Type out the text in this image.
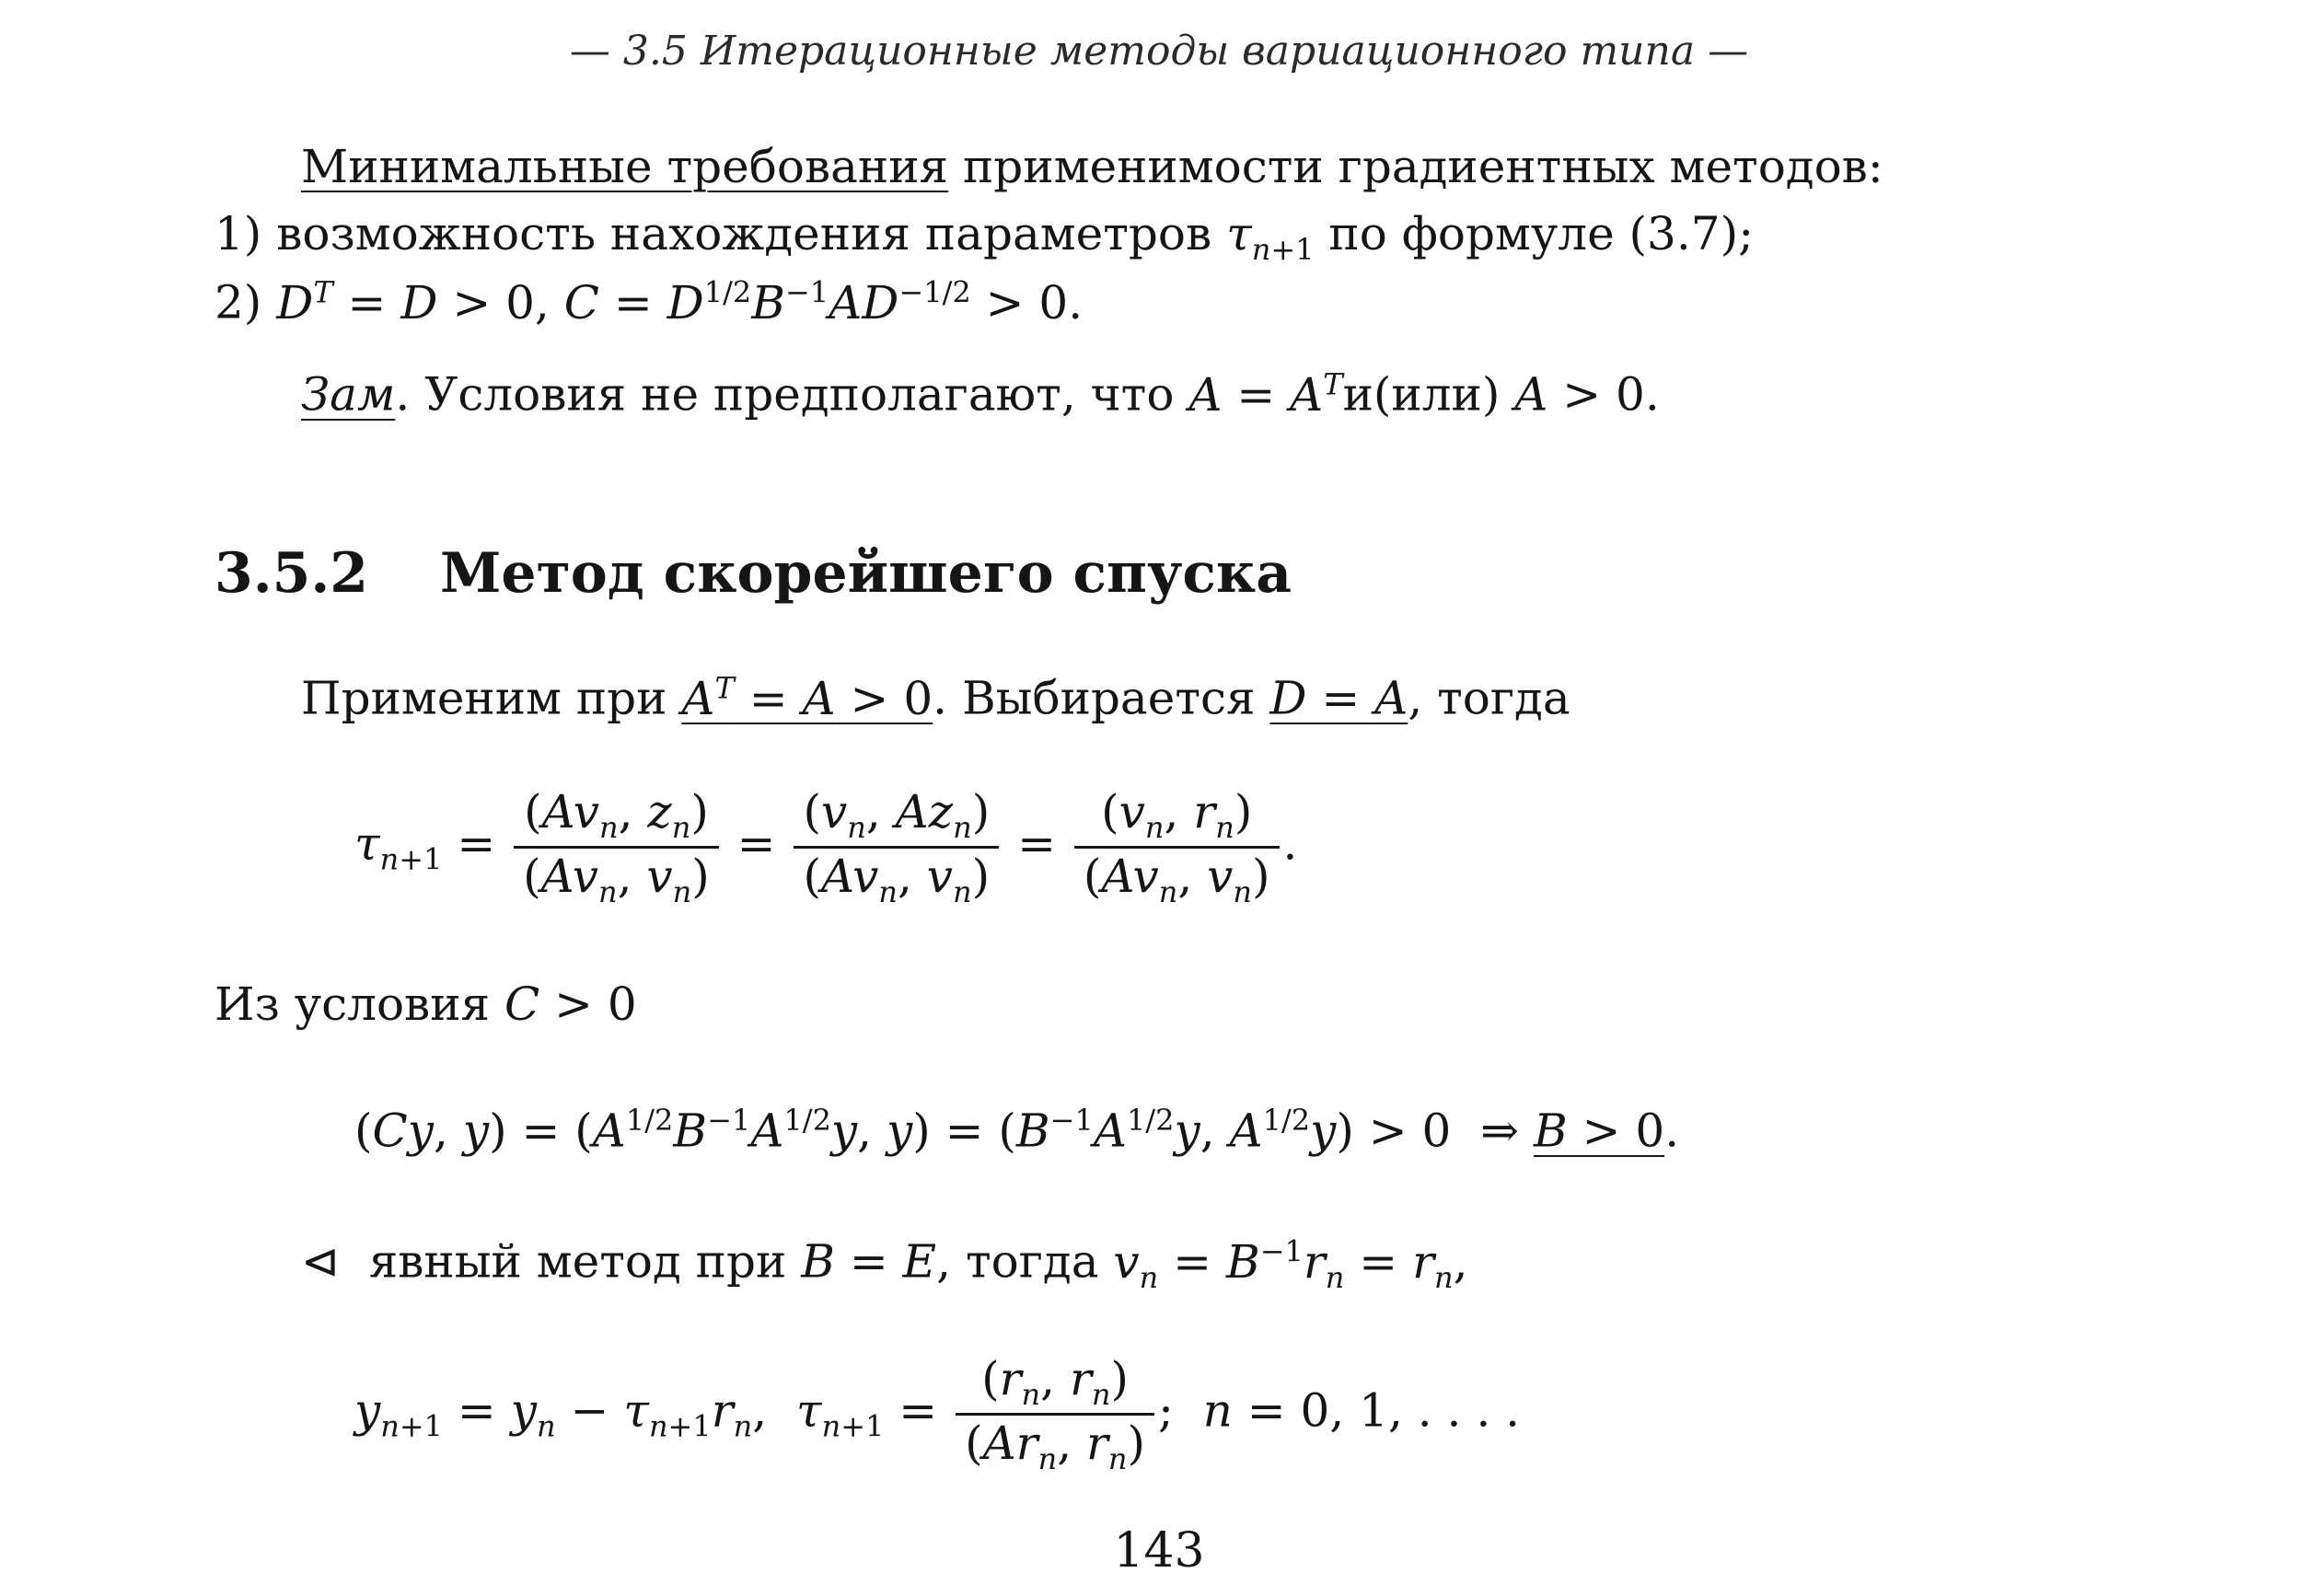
— 3.5 Итерационные методы вариационного типа —
Минимальные требования применимости градиентных методов:
1) возможность нахождения параметров $\tau_{n+1}$ по формуле (3.7);
2) $D^T = D > 0$, $C = D^{1/2}B^{-1}AD^{-1/2} > 0$.
Зам. Условия не предполагают, что $A = A^Tи(или) A > 0$.
3.5.2 Метод скорейшего спуска
Применим при $A^T = A > 0$. Выбирается D = A, тогда
$\tau_{n+1} = \frac{(Av_n, z_n)}{(Av_n, v_n)} = \frac{(v_n, Az_n)}{(Av_n, v_n)} = \frac{(v_n, r_n)}{(Av_n, v_n)}$ .
Из условия C > 0
(Cy, $y) = (A^{1/2}B^{-1}A^{1/2}y$, $y) = (B^{-1}A^{1/2}y$, $A^{1/2}y) > 0$  ⇒ B > 0.
⊲ явный метод при B = E, тогда $v_n = B^{-1}r_n = r_n$,
$y_{n+1} = y_n - \tau_{n+1}r_n$,  $\tau_{n+1} = \frac{(r_n, r_n)}{(Ar_n, r_n)}$ ;  n = 0, 1, . . . .
143
